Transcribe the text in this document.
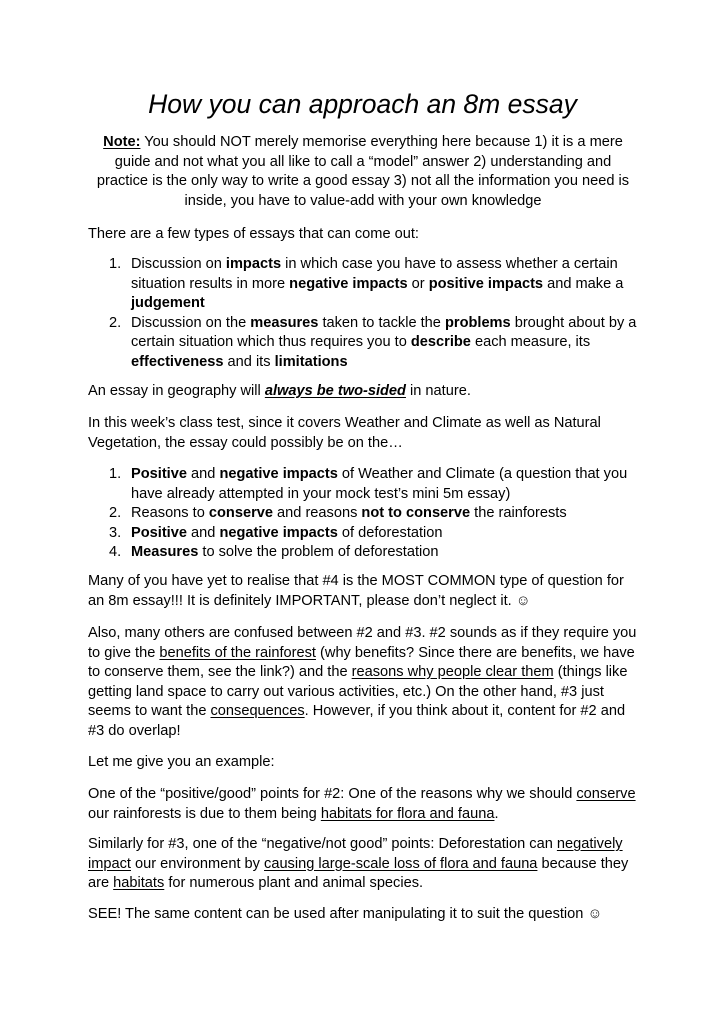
How you can approach an 8m essay
Note: You should NOT merely memorise everything here because 1) it is a mere guide and not what you all like to call a “model” answer 2) understanding and practice is the only way to write a good essay 3) not all the information you need is inside, you have to value-add with your own knowledge
There are a few types of essays that can come out:
1. Discussion on impacts in which case you have to assess whether a certain situation results in more negative impacts or positive impacts and make a judgement
2. Discussion on the measures taken to tackle the problems brought about by a certain situation which thus requires you to describe each measure, its effectiveness and its limitations
An essay in geography will always be two-sided in nature.
In this week’s class test, since it covers Weather and Climate as well as Natural Vegetation, the essay could possibly be on the…
1. Positive and negative impacts of Weather and Climate (a question that you have already attempted in your mock test’s mini 5m essay)
2. Reasons to conserve and reasons not to conserve the rainforests
3. Positive and negative impacts of deforestation
4. Measures to solve the problem of deforestation
Many of you have yet to realise that #4 is the MOST COMMON type of question for an 8m essay!!! It is definitely IMPORTANT, please don’t neglect it. ☺
Also, many others are confused between #2 and #3. #2 sounds as if they require you to give the benefits of the rainforest (why benefits? Since there are benefits, we have to conserve them, see the link?) and the reasons why people clear them (things like getting land space to carry out various activities, etc.) On the other hand, #3 just seems to want the consequences. However, if you think about it, content for #2 and #3 do overlap!
Let me give you an example:
One of the “positive/good” points for #2: One of the reasons why we should conserve our rainforests is due to them being habitats for flora and fauna.
Similarly for #3, one of the “negative/not good” points: Deforestation can negatively impact our environment by causing large-scale loss of flora and fauna because they are habitats for numerous plant and animal species.
SEE! The same content can be used after manipulating it to suit the question ☺
